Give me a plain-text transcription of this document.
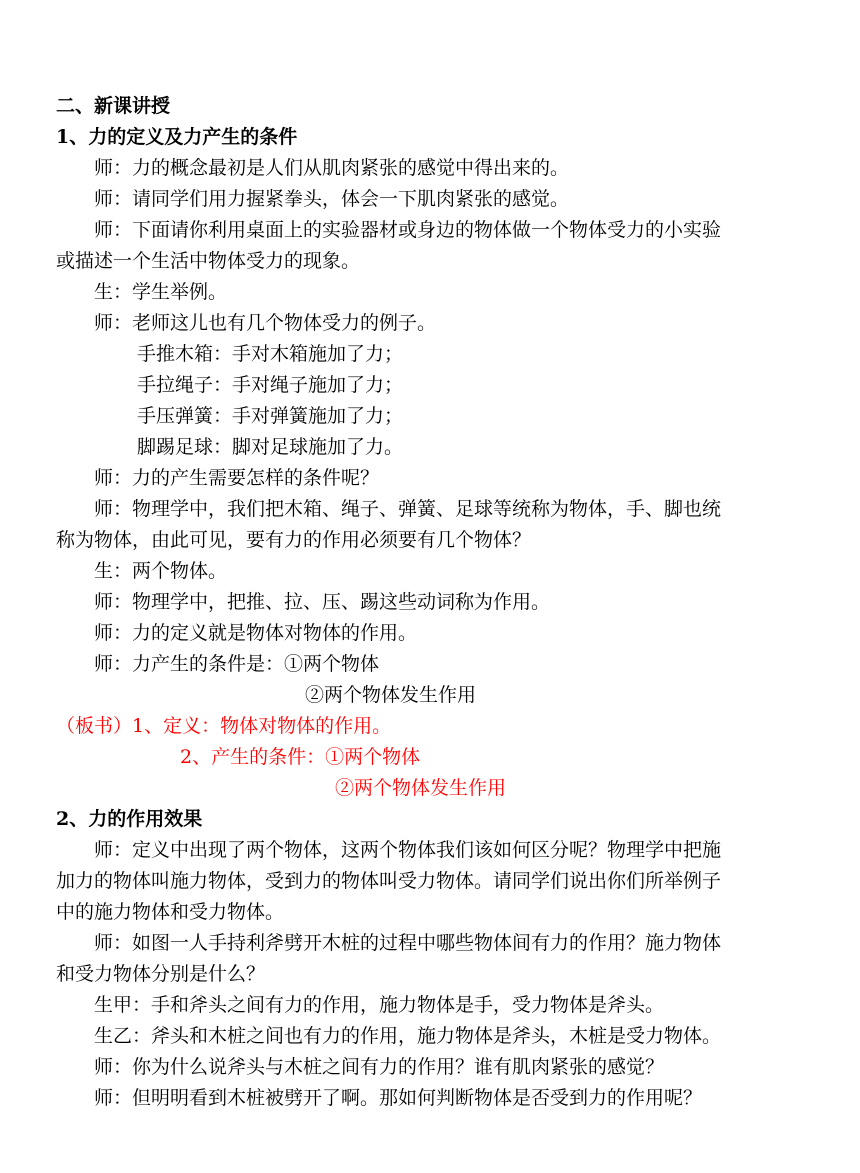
二、新课讲授
1、力的定义及力产生的条件
师：力的概念最初是人们从肌肉紧张的感觉中得出来的。
师：请同学们用力握紧拳头，体会一下肌肉紧张的感觉。
师：下面请你利用桌面上的实验器材或身边的物体做一个物体受力的小实验
或描述一个生活中物体受力的现象。
生：学生举例。
师：老师这儿也有几个物体受力的例子。
手推木箱：手对木箱施加了力；
手拉绳子：手对绳子施加了力；
手压弹簧：手对弹簧施加了力；
脚踢足球：脚对足球施加了力。
师：力的产生需要怎样的条件呢？
师：物理学中，我们把木箱、绳子、弹簧、足球等统称为物体，手、脚也统
称为物体，由此可见，要有力的作用必须要有几个物体？
生：两个物体。
师：物理学中，把推、拉、压、踢这些动词称为作用。
师：力的定义就是物体对物体的作用。
师：力产生的条件是：①两个物体
②两个物体发生作用
（板书）1、定义：物体对物体的作用。
2、产生的条件：①两个物体
②两个物体发生作用
2、力的作用效果
师：定义中出现了两个物体，这两个物体我们该如何区分呢？物理学中把施
加力的物体叫施力物体，受到力的物体叫受力物体。请同学们说出你们所举例子
中的施力物体和受力物体。
师：如图一人手持利斧劈开木桩的过程中哪些物体间有力的作用？施力物体
和受力物体分别是什么？
生甲：手和斧头之间有力的作用，施力物体是手，受力物体是斧头。
生乙：斧头和木桩之间也有力的作用，施力物体是斧头，木桩是受力物体。
师：你为什么说斧头与木桩之间有力的作用？谁有肌肉紧张的感觉？
师：但明明看到木桩被劈开了啊。那如何判断物体是否受到力的作用呢？
